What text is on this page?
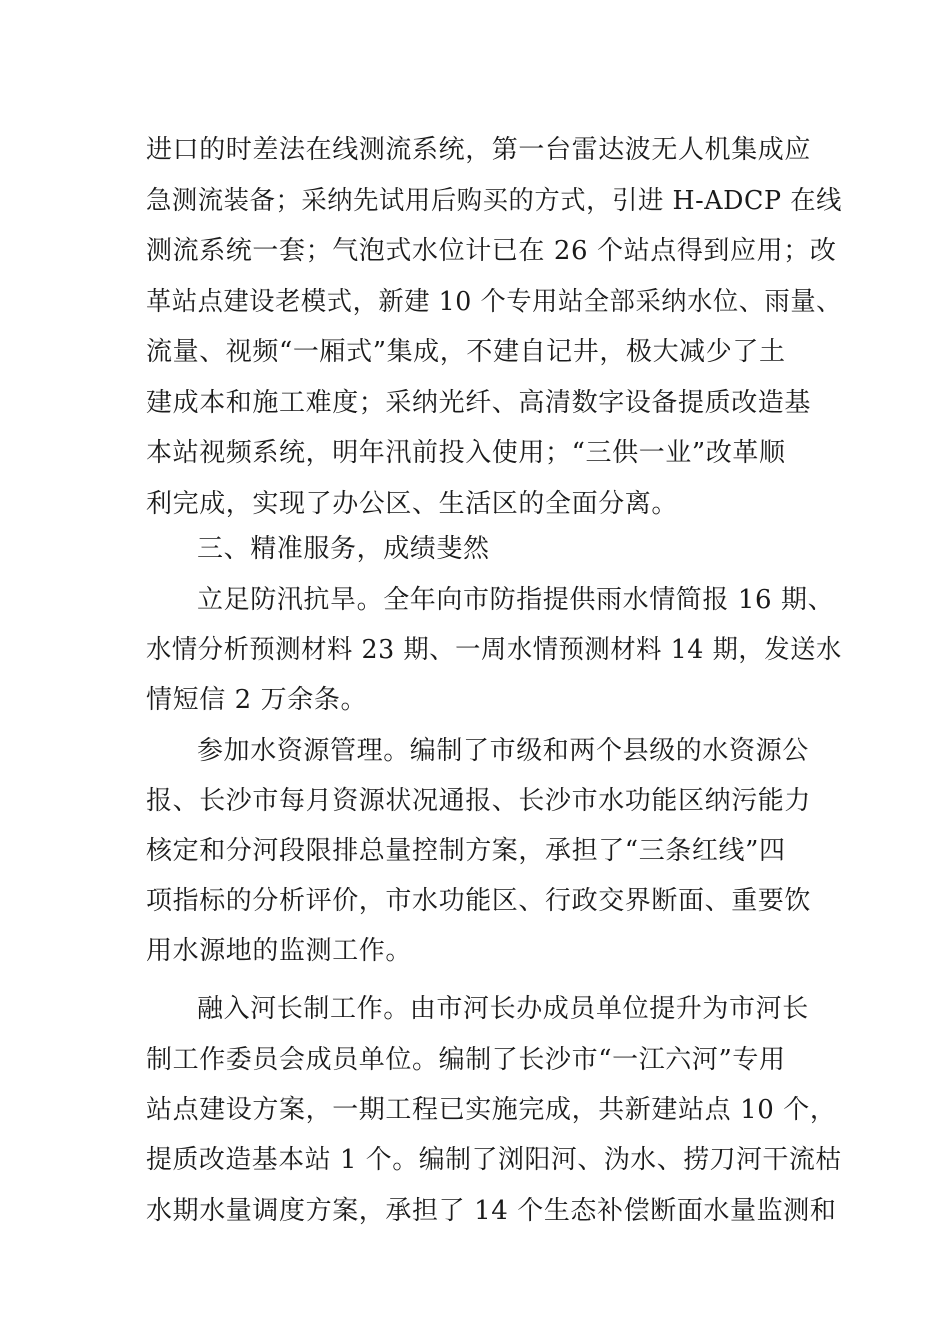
进口的时差法在线测流系统，第一台雷达波无人机集成应
急测流装备；采纳先试用后购买的方式，引进 H-ADCP 在线
测流系统一套；气泡式水位计已在 26 个站点得到应用；改
革站点建设老模式，新建 10 个专用站全部采纳水位、雨量、
流量、视频“一厢式”集成，不建自记井，极大减少了土
建成本和施工难度；采纳光纤、高清数字设备提质改造基
本站视频系统，明年汛前投入使用；“三供一业”改革顺
利完成，实现了办公区、生活区的全面分离。
三、精准服务，成绩斐然
立足防汛抗旱。全年向市防指提供雨水情简报 16 期、
水情分析预测材料 23 期、一周水情预测材料 14 期，发送水
情短信 2 万余条。
参加水资源管理。编制了市级和两个县级的水资源公
报、长沙市每月资源状况通报、长沙市水功能区纳污能力
核定和分河段限排总量控制方案，承担了“三条红线”四
项指标的分析评价，市水功能区、行政交界断面、重要饮
用水源地的监测工作。
融入河长制工作。由市河长办成员单位提升为市河长
制工作委员会成员单位。编制了长沙市“一江六河”专用
站点建设方案，一期工程已实施完成，共新建站点 10 个，
提质改造基本站 1 个。编制了浏阳河、沩水、捞刀河干流枯
水期水量调度方案，承担了 14 个生态补偿断面水量监测和
